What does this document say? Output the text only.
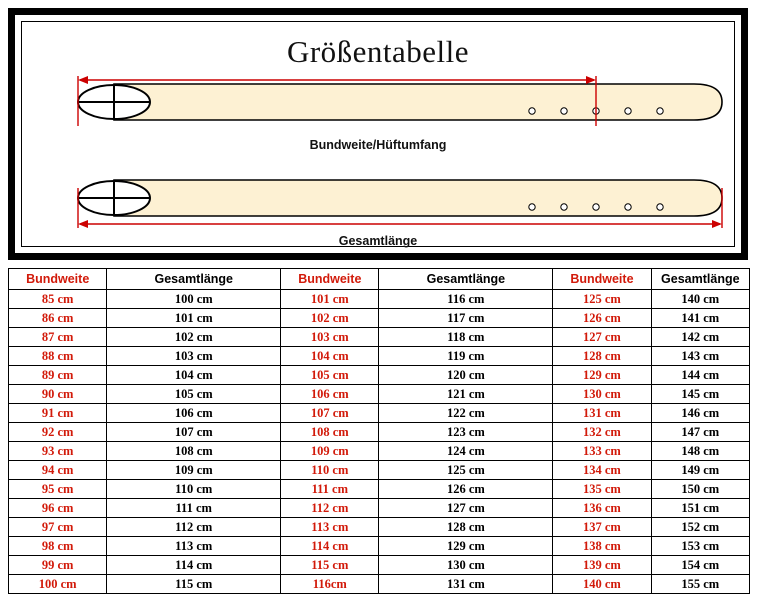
Größentabelle
Bundweite/Hüftumfang
Gesamtlänge
Bundweite	Gesamtlänge	Bundweite	Gesamtlänge	Bundweite	Gesamtlänge
85 cm	100 cm	101 cm	116 cm	125 cm	140 cm
86 cm	101 cm	102 cm	117 cm	126 cm	141 cm
87 cm	102 cm	103 cm	118 cm	127 cm	142 cm
88 cm	103 cm	104 cm	119 cm	128 cm	143 cm
89 cm	104 cm	105 cm	120 cm	129 cm	144 cm
90 cm	105 cm	106 cm	121 cm	130 cm	145 cm
91 cm	106 cm	107 cm	122 cm	131 cm	146 cm
92 cm	107 cm	108 cm	123 cm	132 cm	147 cm
93 cm	108 cm	109 cm	124 cm	133 cm	148 cm
94 cm	109 cm	110 cm	125 cm	134 cm	149 cm
95 cm	110 cm	111 cm	126 cm	135 cm	150 cm
96 cm	111 cm	112 cm	127 cm	136 cm	151 cm
97 cm	112 cm	113 cm	128 cm	137 cm	152 cm
98 cm	113 cm	114 cm	129 cm	138 cm	153 cm
99 cm	114 cm	115 cm	130 cm	139 cm	154 cm
100 cm	115 cm	116cm	131 cm	140 cm	155 cm
